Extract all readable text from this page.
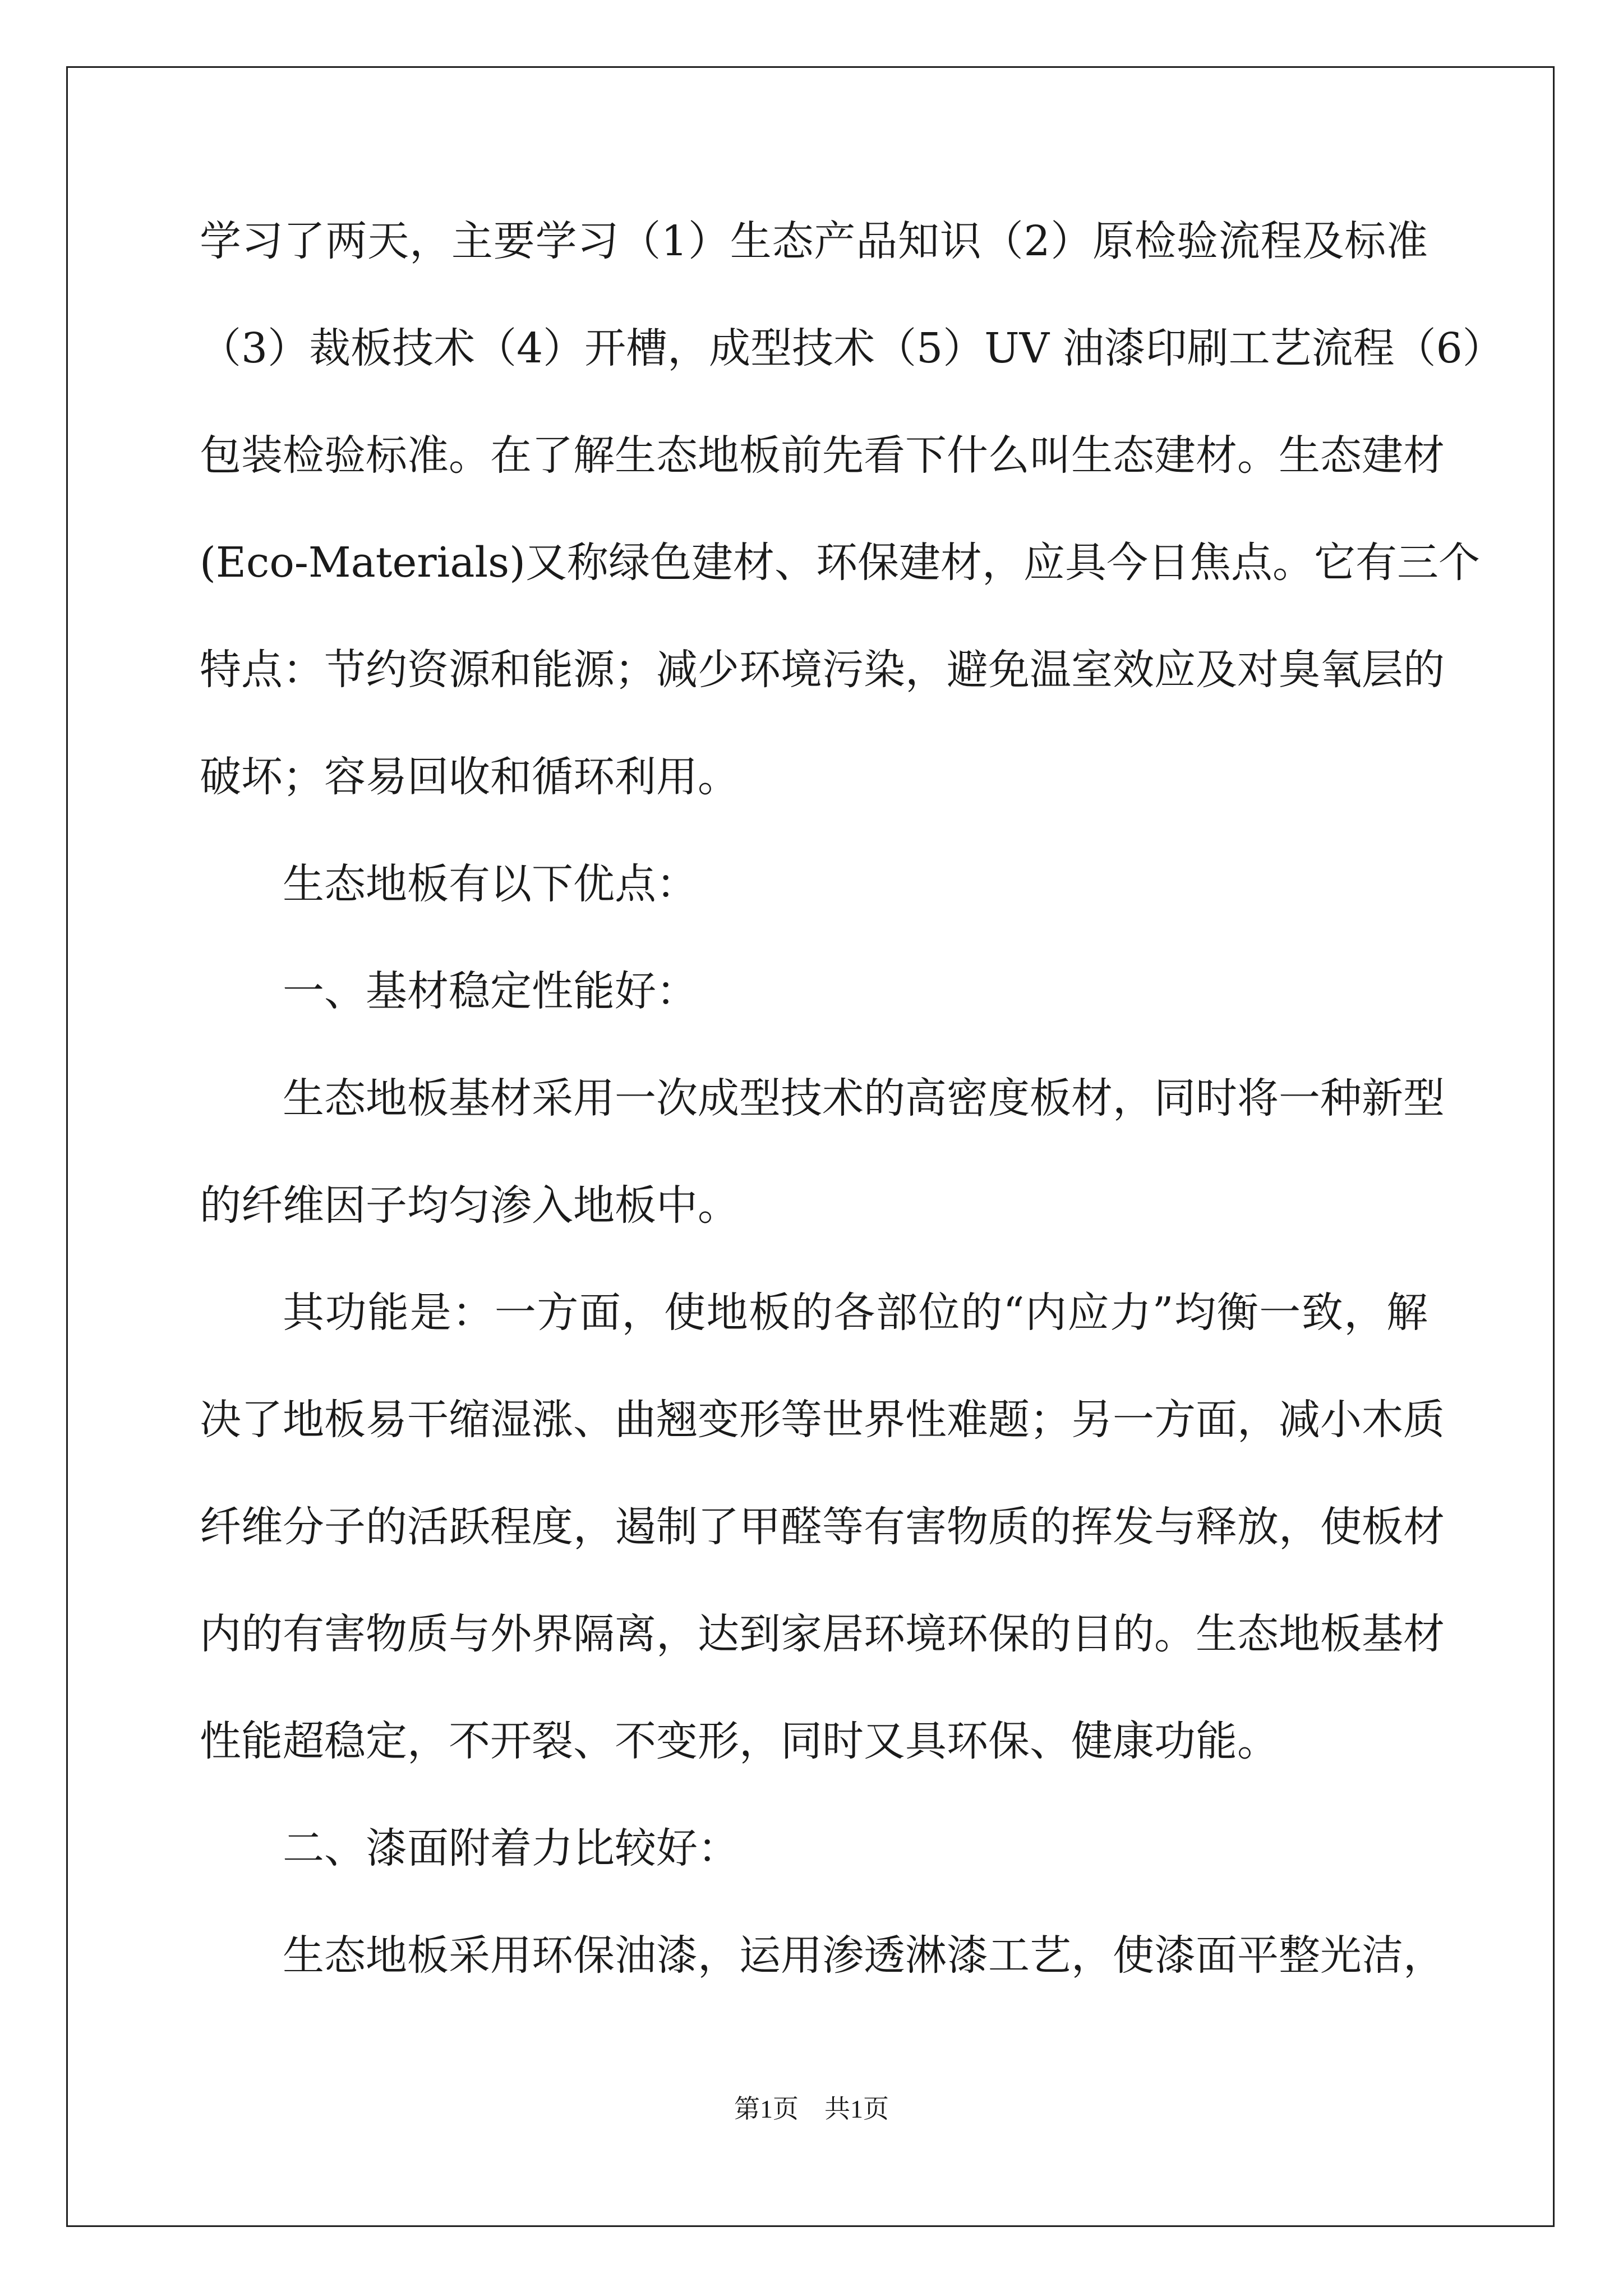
学习了两天，主要学习（1）生态产品知识（2）原检验流程及标准
（3）裁板技术（4）开槽，成型技术（5）UV 油漆印刷工艺流程（6）
包装检验标准。在了解生态地板前先看下什么叫生态建材。生态建材
(Eco-Materials)又称绿色建材、环保建材，应具今日焦点。它有三个
特点：节约资源和能源；减少环境污染，避免温室效应及对臭氧层的
破坏；容易回收和循环利用。
生态地板有以下优点：
一、基材稳定性能好：
生态地板基材采用一次成型技术的高密度板材，同时将一种新型
的纤维因子均匀渗入地板中。
其功能是：一方面，使地板的各部位的“内应力”均衡一致，解
决了地板易干缩湿涨、曲翘变形等世界性难题；另一方面，减小木质
纤维分子的活跃程度，遏制了甲醛等有害物质的挥发与释放，使板材
内的有害物质与外界隔离，达到家居环境环保的目的。生态地板基材
性能超稳定，不开裂、不变形，同时又具环保、健康功能。
二、漆面附着力比较好：
生态地板采用环保油漆，运用渗透淋漆工艺，使漆面平整光洁，
第1页 共1页
